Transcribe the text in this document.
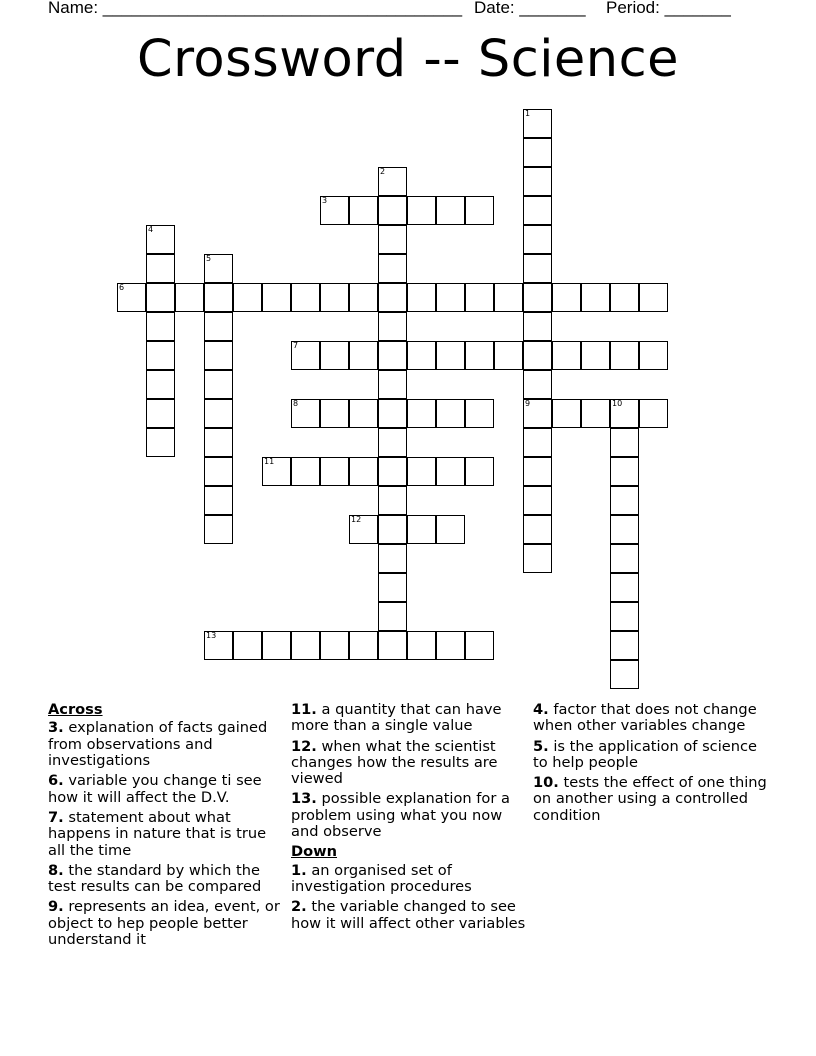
Name: ______________________________________ Date: _______ Period: _______
Crossword -- Science
1
9
2
3
4
5
6
7
8	10
11
12
13
Across
3. explanation of facts gained from observations and investigations
6. variable you change ti see how it will affect the D.V.
7. statement about what happens in nature that is true all the time
8. the standard by which the test results can be compared
9. represents an idea, event, or object to hep people better understand it
11. a quantity that can have more than a single value
12. when what the scientist changes how the results are viewed
13. possible explanation for a problem using what you now and observe
Down
1. an organised set of investigation procedures
2. the variable changed to see how it will affect other variables
4. factor that does not change when other variables change
5. is the application of science to help people
10. tests the effect of one thing on another using a controlled condition
